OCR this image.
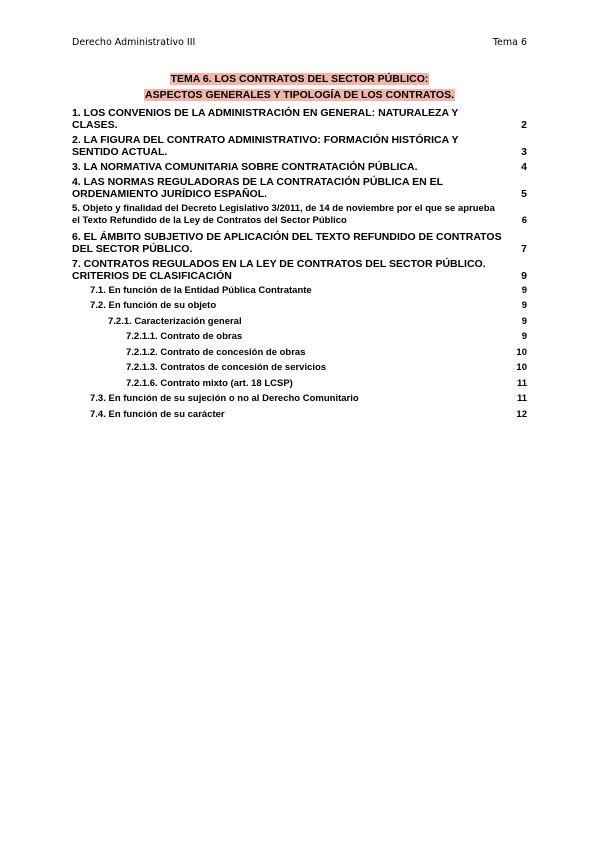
Derecho Administrativo III	Tema 6
TEMA 6. LOS CONTRATOS DEL SECTOR PÚBLICO:
ASPECTOS GENERALES Y TIPOLOGÍA DE LOS CONTRATOS.
1. LOS CONVENIOS DE LA ADMINISTRACIÓN EN GENERAL: NATURALEZA Y CLASES.	2
2. LA FIGURA DEL CONTRATO ADMINISTRATIVO: FORMACIÓN HISTÓRICA Y SENTIDO ACTUAL.	3
3. LA NORMATIVA COMUNITARIA SOBRE CONTRATACIÓN PÚBLICA.	4
4. LAS NORMAS REGULADORAS DE LA CONTRATACIÓN PÚBLICA EN EL ORDENAMIENTO JURÍDICO ESPAÑOL.	5
5. Objeto y finalidad del Decreto Legislativo 3/2011, de 14 de noviembre por el que se aprueba el Texto Refundido de la Ley de Contratos del Sector Público	6
6. EL ÁMBITO SUBJETIVO DE APLICACIÓN DEL TEXTO REFUNDIDO DE CONTRATOS DEL SECTOR PÚBLICO.	7
7. CONTRATOS REGULADOS EN LA LEY DE CONTRATOS DEL SECTOR PÚBLICO. CRITERIOS DE CLASIFICACIÓN	9
7.1. En función de la Entidad Pública Contratante	9
7.2. En función de su objeto	9
7.2.1. Caracterización general	9
7.2.1.1. Contrato de obras	9
7.2.1.2. Contrato de concesión de obras	10
7.2.1.3. Contratos de concesión de servicios	10
7.2.1.6. Contrato mixto (art. 18 LCSP)	11
7.3. En función de su sujeción o no al Derecho Comunitario	11
7.4. En función de su carácter	12
